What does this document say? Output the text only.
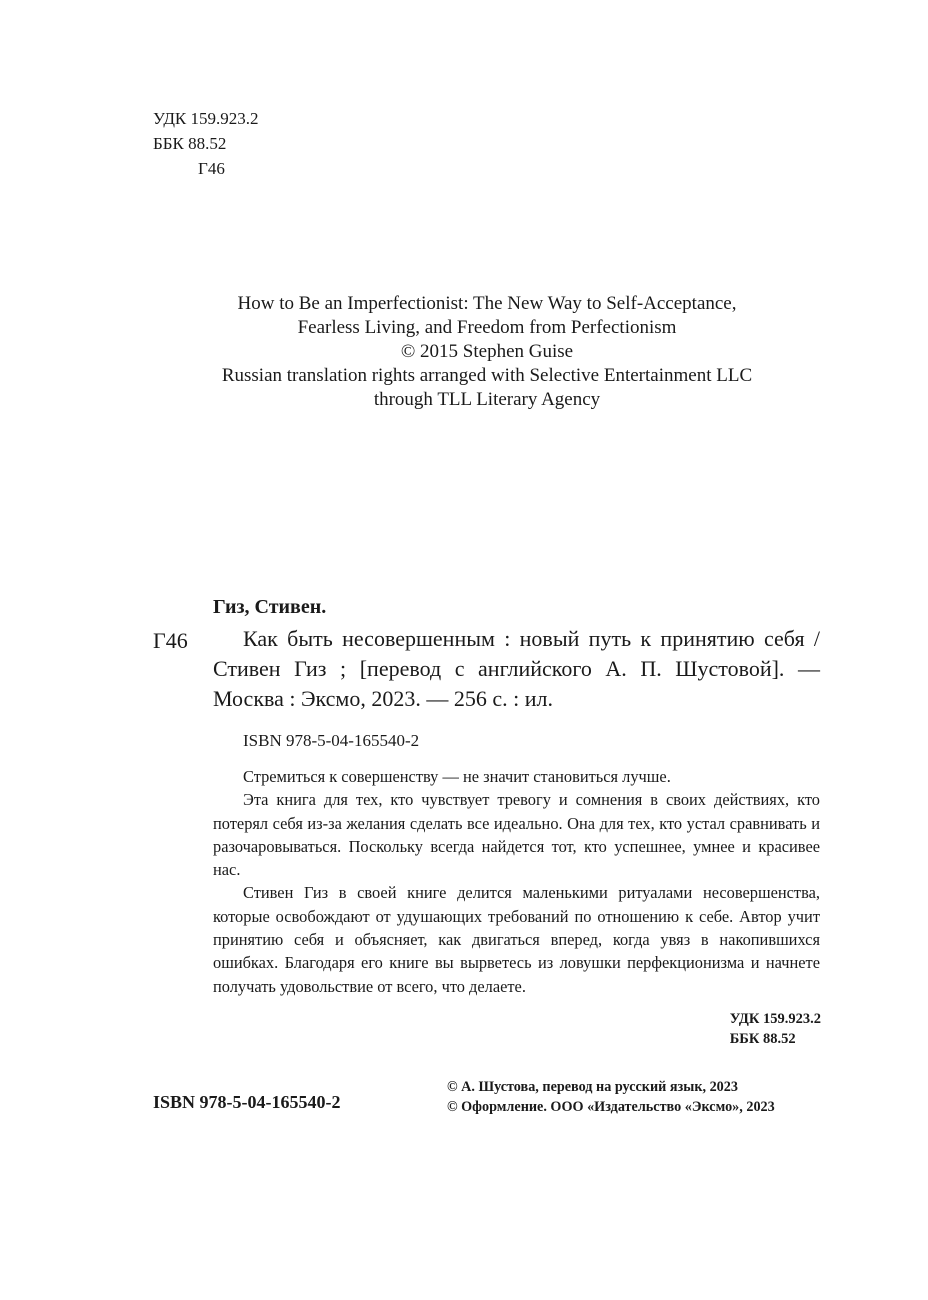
УДК 159.923.2
ББК 88.52
Г46
How to Be an Imperfectionist: The New Way to Self-Acceptance,
Fearless Living, and Freedom from Perfectionism
© 2015 Stephen Guise
Russian translation rights arranged with Selective Entertainment LLC
through TLL Literary Agency
Гиз, Стивен.
Г46	Как быть несовершенным : новый путь к принятию себя / Стивен Гиз ; [перевод с английского А. П. Шустовой]. — Москва : Эксмо, 2023. — 256 с. : ил.
ISBN 978-5-04-165540-2

Стремиться к совершенству — не значит становиться лучше.

Эта книга для тех, кто чувствует тревогу и сомнения в своих действиях, кто потерял себя из-за желания сделать все идеально. Она для тех, кто устал сравнивать и разочаровываться. Поскольку всегда найдется тот, кто успешнее, умнее и красивее нас.

Стивен Гиз в своей книге делится маленькими ритуалами несовершенства, которые освобождают от удушающих требований по отношению к себе. Автор учит принятию себя и объясняет, как двигаться вперед, когда увяз в накопившихся ошибках. Благодаря его книге вы вырветесь из ловушки перфекционизма и начнете получать удовольствие от всего, что делаете.

УДК 159.923.2
ББК 88.52
ISBN 978-5-04-165540-2
© А. Шустова, перевод на русский язык, 2023
© Оформление. ООО «Издательство «Эксмо», 2023
